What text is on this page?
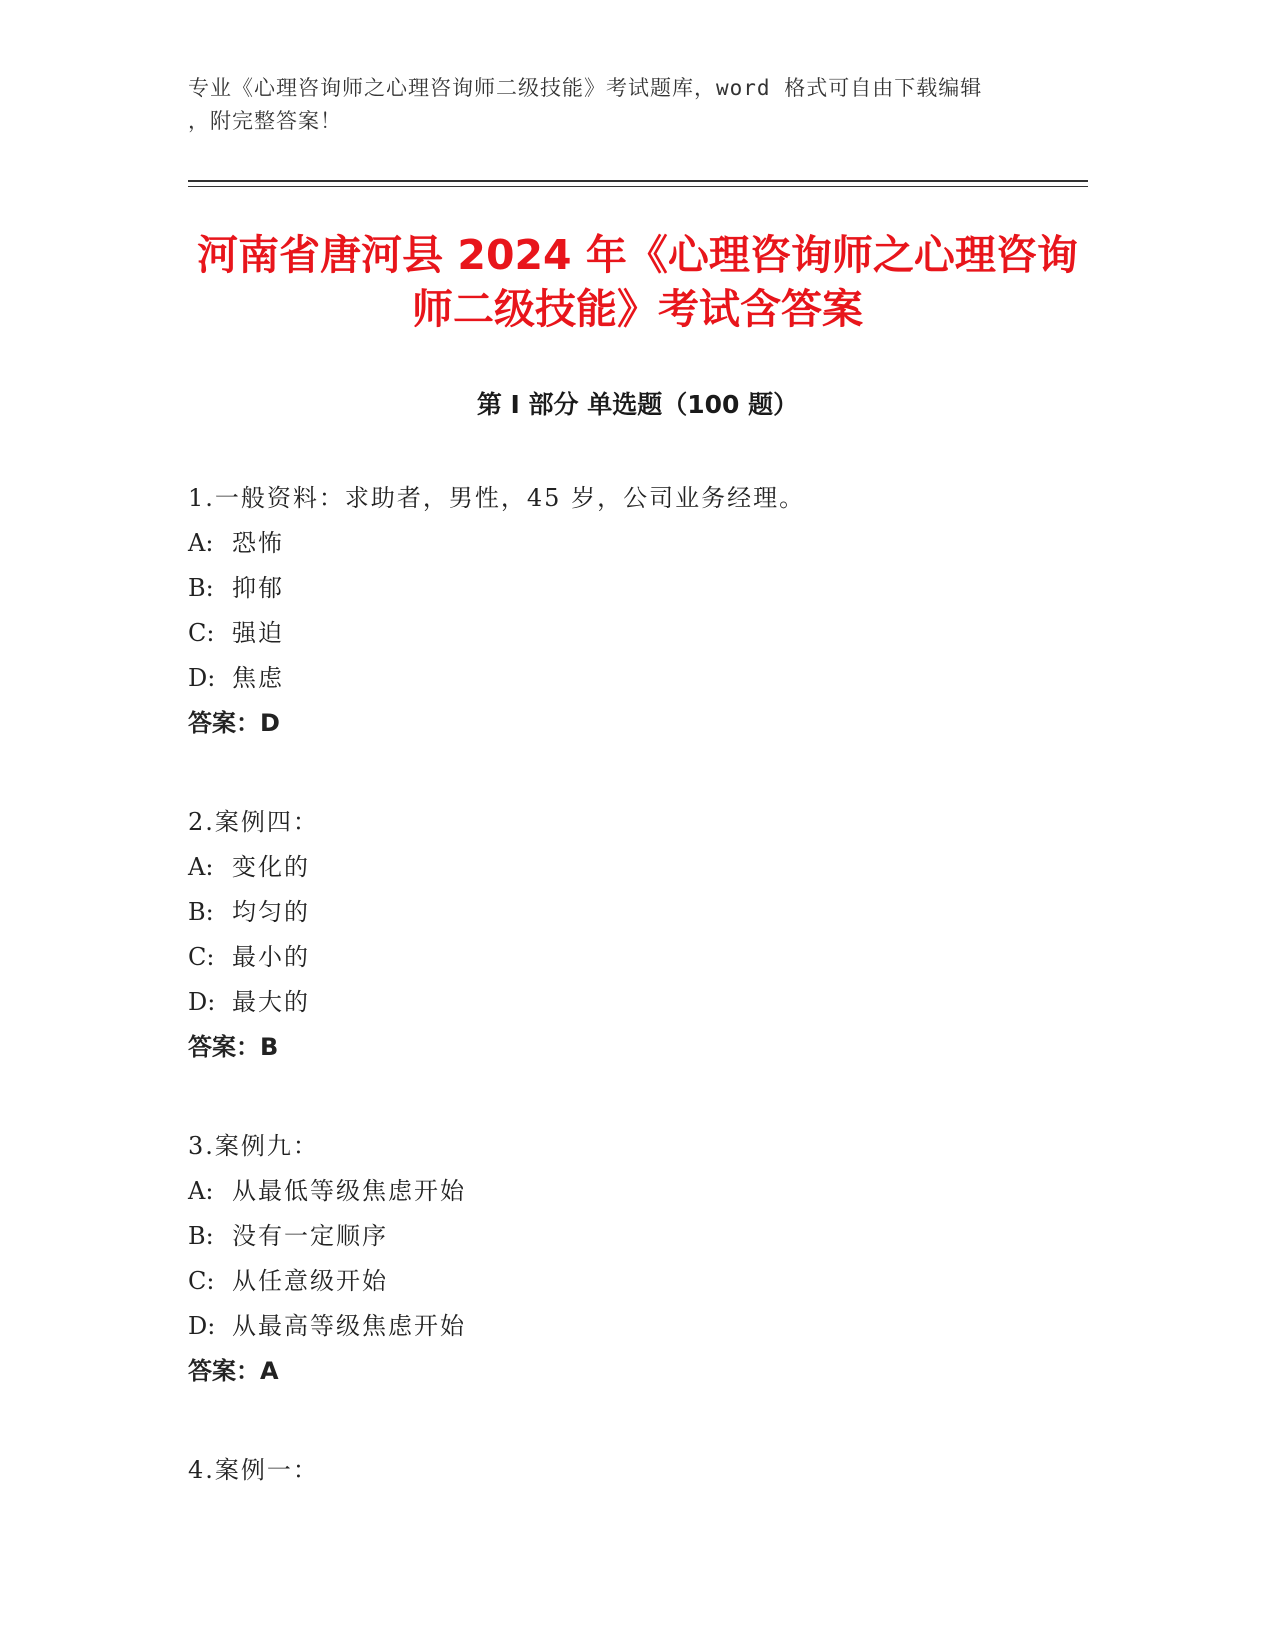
专业《心理咨询师之心理咨询师二级技能》考试题库，word 格式可自由下载编辑
，附完整答案！
河南省唐河县 2024 年《心理咨询师之心理咨询
师二级技能》考试含答案
第 I 部分 单选题（100 题）
1.一般资料：求助者，男性，45 岁，公司业务经理。
A: 恐怖
B: 抑郁
C: 强迫
D: 焦虑
答案：D
2.案例四：
A: 变化的
B: 均匀的
C: 最小的
D: 最大的
答案：B
3.案例九：
A: 从最低等级焦虑开始
B: 没有一定顺序
C: 从任意级开始
D: 从最高等级焦虑开始
答案：A
4.案例一：
